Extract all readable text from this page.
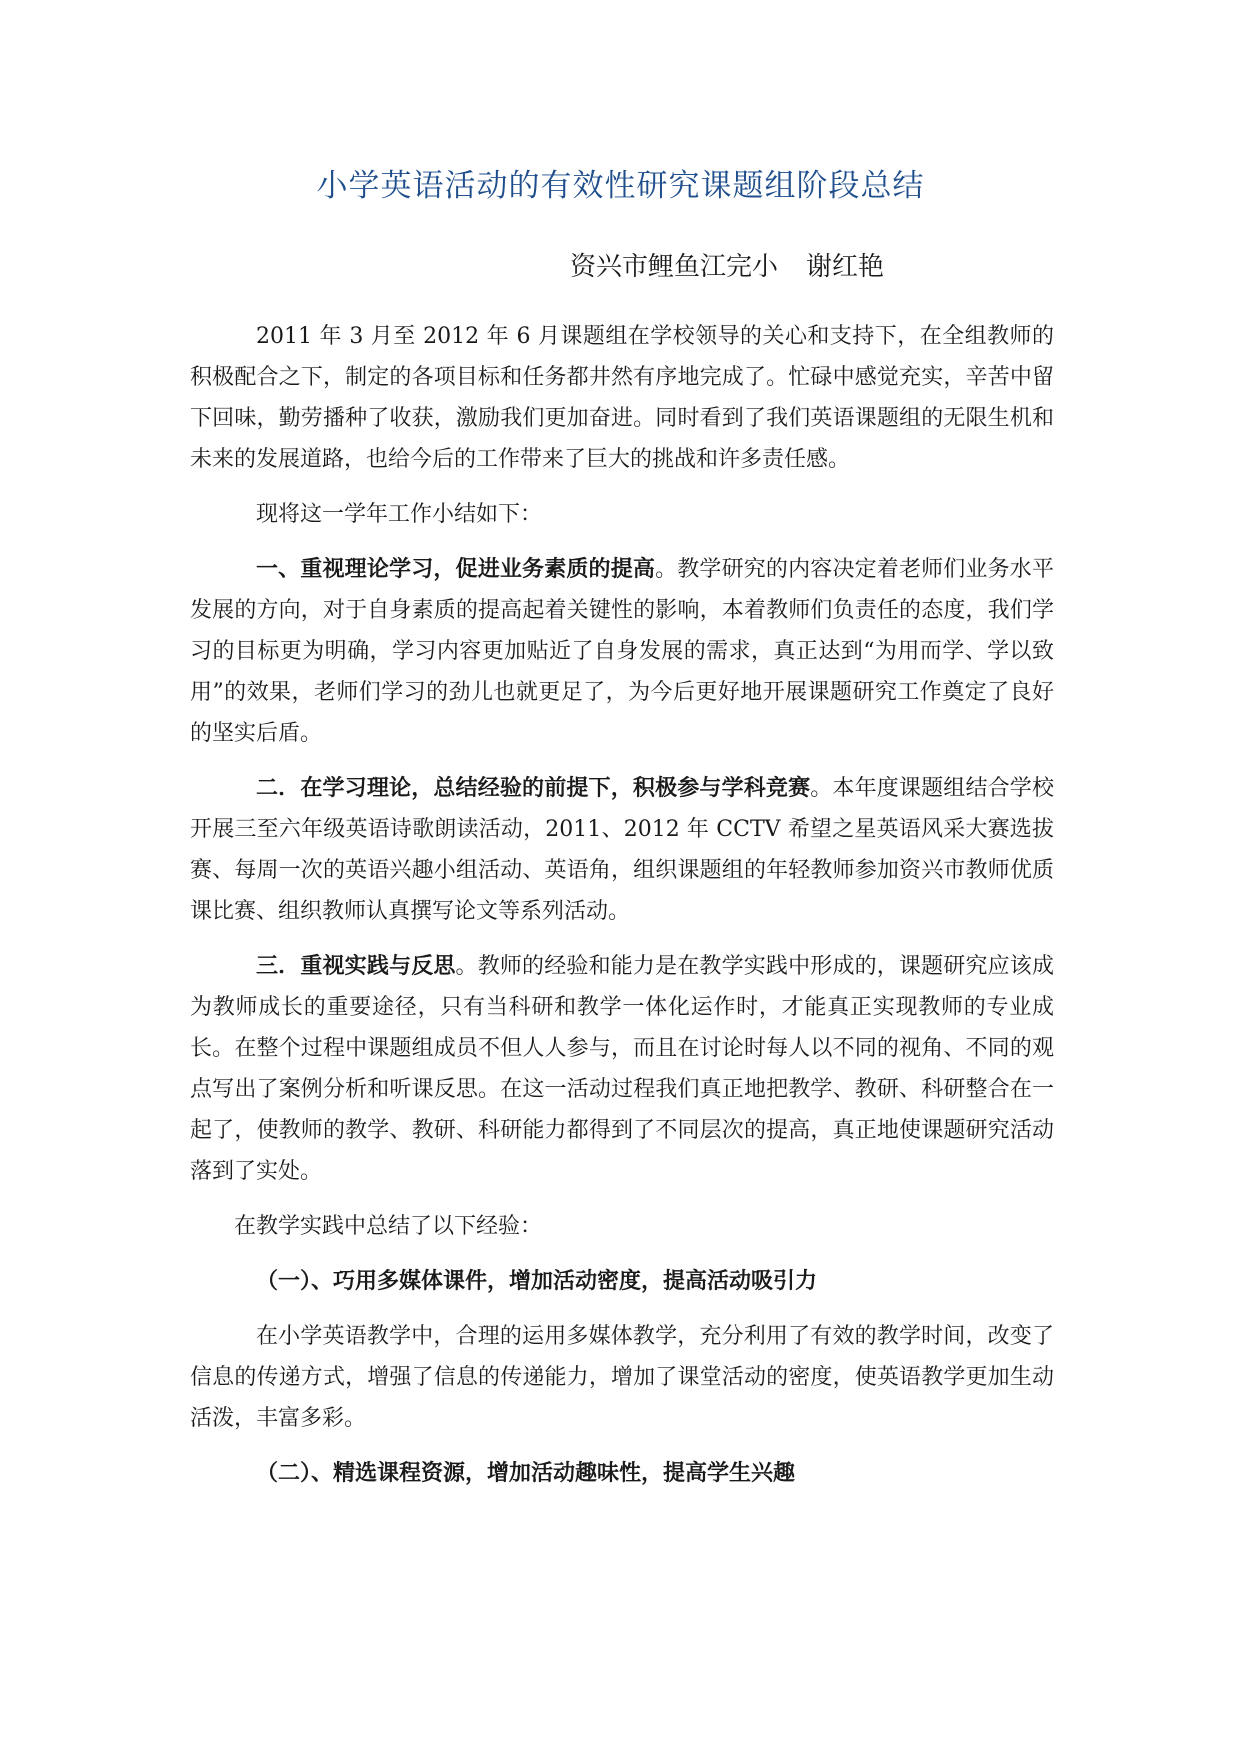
小学英语活动的有效性研究课题组阶段总结
资兴市鲤鱼江完小 谢红艳

2011 年 3 月至 2012 年 6 月课题组在学校领导的关心和支持下，在全组教师的积极配合之下，制定的各项目标和任务都井然有序地完成了。忙碌中感觉充实，辛苦中留下回味，勤劳播种了收获，激励我们更加奋进。同时看到了我们英语课题组的无限生机和未来的发展道路，也给今后的工作带来了巨大的挑战和许多责任感。

现将这一学年工作小结如下：

一、重视理论学习，促进业务素质的提高。教学研究的内容决定着老师们业务水平发展的方向，对于自身素质的提高起着关键性的影响，本着教师们负责任的态度，我们学习的目标更为明确，学习内容更加贴近了自身发展的需求，真正达到“为用而学、学以致用”的效果，老师们学习的劲儿也就更足了，为今后更好地开展课题研究工作奠定了良好的坚实后盾。

二．在学习理论，总结经验的前提下，积极参与学科竞赛。本年度课题组结合学校开展三至六年级英语诗歌朗读活动，2011、2012 年 CCTV 希望之星英语风采大赛选拔赛、每周一次的英语兴趣小组活动、英语角，组织课题组的年轻教师参加资兴市教师优质课比赛、组织教师认真撰写论文等系列活动。

三．重视实践与反思。教师的经验和能力是在教学实践中形成的，课题研究应该成为教师成长的重要途径，只有当科研和教学一体化运作时，才能真正实现教师的专业成长。在整个过程中课题组成员不但人人参与，而且在讨论时每人以不同的视角、不同的观点写出了案例分析和听课反思。在这一活动过程我们真正地把教学、教研、科研整合在一起了，使教师的教学、教研、科研能力都得到了不同层次的提高，真正地使课题研究活动落到了实处。

在教学实践中总结了以下经验：

（一）、巧用多媒体课件，增加活动密度，提高活动吸引力

在小学英语教学中，合理的运用多媒体教学，充分利用了有效的教学时间，改变了信息的传递方式，增强了信息的传递能力，增加了课堂活动的密度，使英语教学更加生动活泼，丰富多彩。

（二）、精选课程资源，增加活动趣味性，提高学生兴趣
